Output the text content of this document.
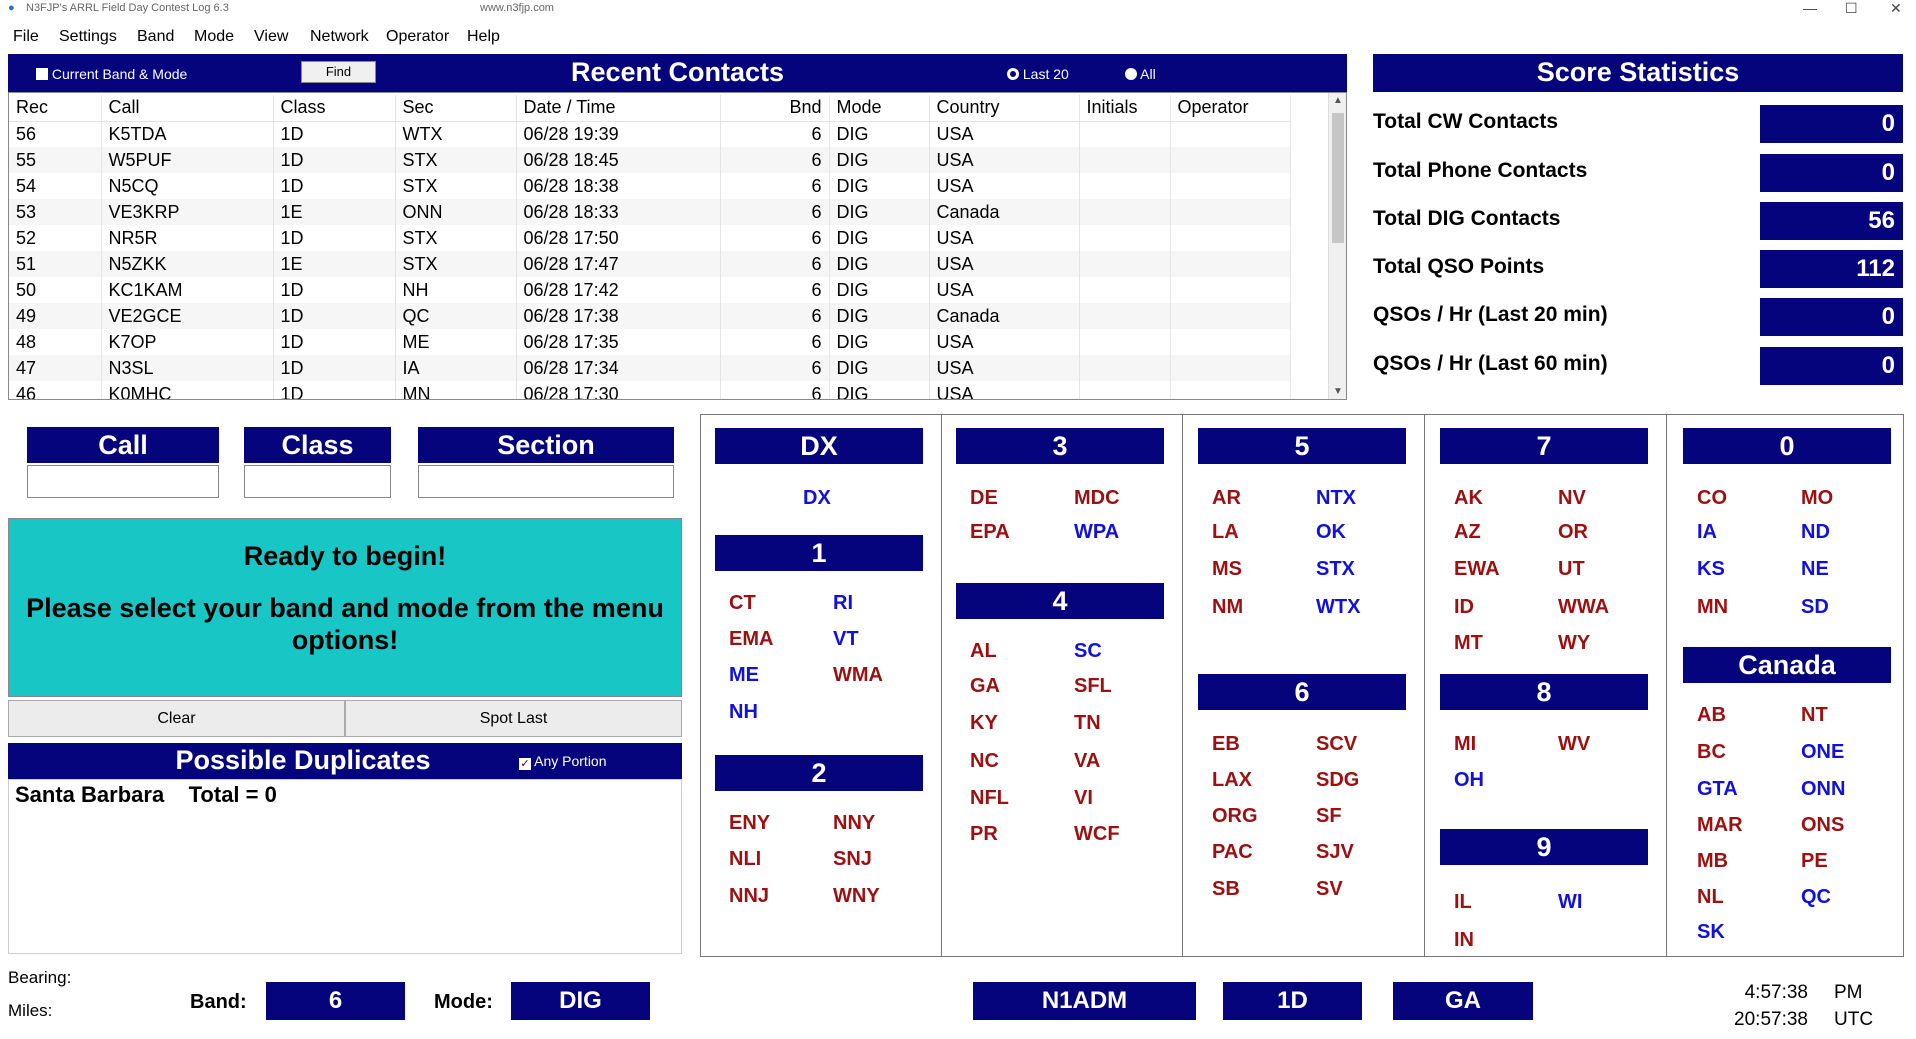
● N3FJP's ARRL Field Day Contest Log 6.3	www.n3fjp.com	— ☐ ✕
File Settings Band Mode View Network Operator Help
Current Band & Mode	Find	Recent Contacts	Last 20	All
Rec	Call	Class	Sec	Date / Time	Bnd	Mode	Country	Initials	Operator
56	K5TDA	1D	WTX	06/28 19:39	6	DIG	USA		
55	W5PUF	1D	STX	06/28 18:45	6	DIG	USA		
54	N5CQ	1D	STX	06/28 18:38	6	DIG	USA		
53	VE3KRP	1E	ONN	06/28 18:33	6	DIG	Canada		
52	NR5R	1D	STX	06/28 17:50	6	DIG	USA		
51	N5ZKK	1E	STX	06/28 17:47	6	DIG	USA		
50	KC1KAM	1D	NH	06/28 17:42	6	DIG	USA		
49	VE2GCE	1D	QC	06/28 17:38	6	DIG	Canada		
48	K7OP	1D	ME	06/28 17:35	6	DIG	USA		
47	N3SL	1D	IA	06/28 17:34	6	DIG	USA		
46	K0MHC	1D	MN	06/28 17:30	6	DIG	USA		
▲
▼
Call	Class	Section
Ready to begin!
Please select your band and mode from the menu options!
Clear	Spot Last
Possible Duplicates	✓ Any Portion
Santa Barbara    Total = 0
Score Statistics
Total CW Contacts	0
Total Phone Contacts	0
Total DIG Contacts	56
Total QSO Points	112
QSOs / Hr (Last 20 min)	0
QSOs / Hr (Last 60 min)	0
DX
DX
1
CT	RI
EMA	VT
ME	WMA
NH
2
ENY	NNY
NLI	SNJ
NNJ	WNY
3
DE	MDC
EPA	WPA
4
AL	SC
GA	SFL
KY	TN
NC	VA
NFL	VI
PR	WCF
5
AR	NTX
LA	OK
MS	STX
NM	WTX
6
EB	SCV
LAX	SDG
ORG	SF
PAC	SJV
SB	SV
7
AK	NV
AZ	OR
EWA	UT
ID	WWA
MT	WY
8
MI	WV
OH
9
IL	WI
IN
0
CO	MO
IA	ND
KS	NE
MN	SD
Canada
AB	NT
BC	ONE
GTA	ONN
MAR	ONS
MB	PE
NL	QC
SK
Bearing:
Miles:	Band:	6	Mode:	DIG	N1ADM	1D	GA	4:57:38 PM
20:57:38 UTC
